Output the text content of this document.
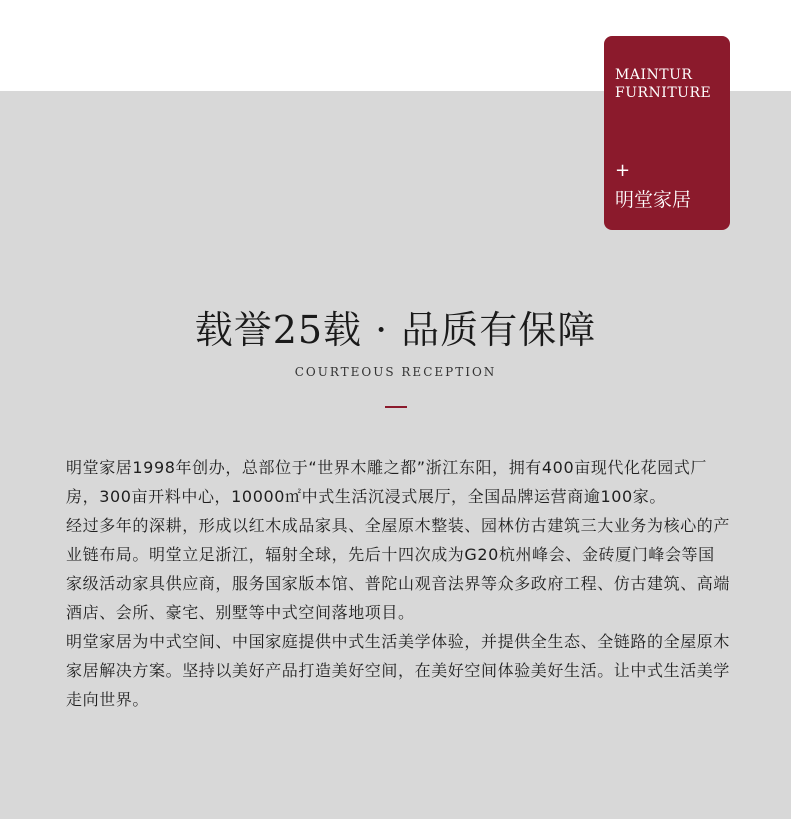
MAINTUR
FURNITURE
+
明堂家居
载誉25载 · 品质有保障
COURTEOUS RECEPTION

明堂家居1998年创办，总部位于“世界木雕之都”浙江东阳，拥有400亩现代化花园式厂房，300亩开料中心，10000㎡中式生活沉浸式展厅，全国品牌运营商逾100家。

经过多年的深耕，形成以红木成品家具、全屋原木整装、园林仿古建筑三大业务为核心的产业链布局。明堂立足浙江，辐射全球，先后十四次成为G20杭州峰会、金砖厦门峰会等国家级活动家具供应商，服务国家版本馆、普陀山观音法界等众多政府工程、仿古建筑、高端酒店、会所、豪宅、别墅等中式空间落地项目。

明堂家居为中式空间、中国家庭提供中式生活美学体验，并提供全生态、全链路的全屋原木家居解决方案。坚持以美好产品打造美好空间，在美好空间体验美好生活。让中式生活美学走向世界。
